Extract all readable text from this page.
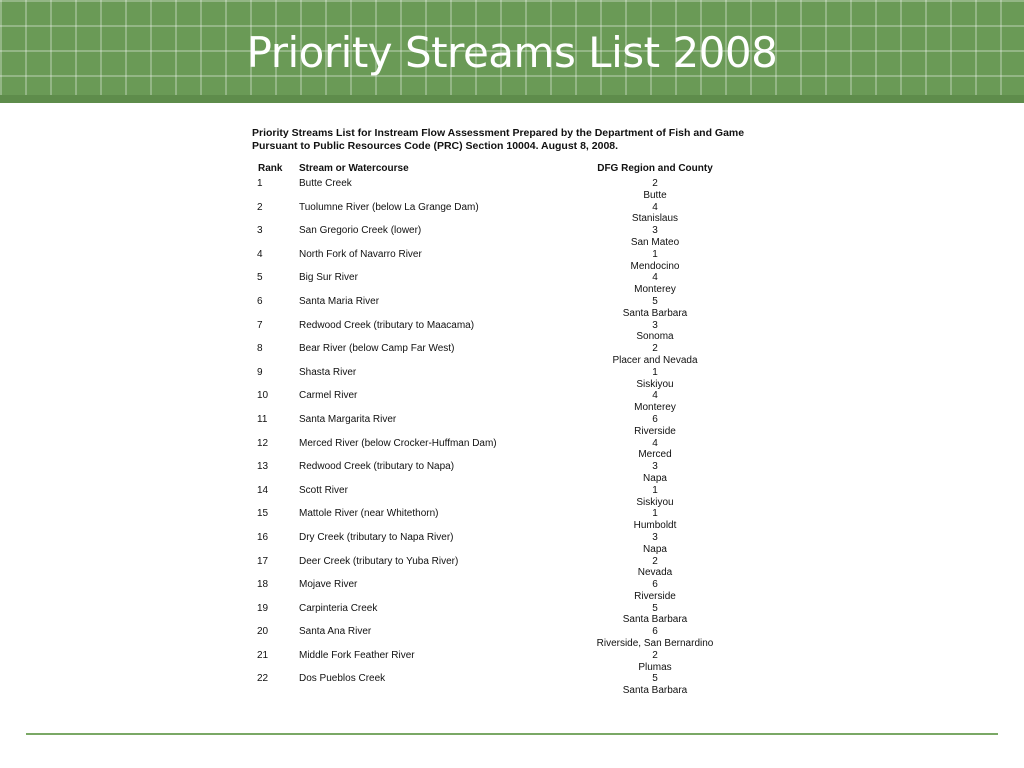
Priority Streams List 2008
Priority Streams List for Instream Flow Assessment Prepared by the Department of Fish and Game
Pursuant to Public Resources Code (PRC) Section 10004. August 8, 2008.
Rank Stream or Watercourse	DFG Region and County
1	Butte Creek	2
Butte
2	Tuolumne River (below La Grange Dam)	4
Stanislaus
3	San Gregorio Creek (lower)	3
San Mateo
4	North Fork of Navarro River	1
Mendocino
5	Big Sur River	4
Monterey
6	Santa Maria River	5
Santa Barbara
7	Redwood Creek (tributary to Maacama)	3
Sonoma
8	Bear River (below Camp Far West)	2
Placer and Nevada
9	Shasta River	1
Siskiyou
10	Carmel River	4
Monterey
11	Santa Margarita River	6
Riverside
12	Merced River (below Crocker-Huffman Dam)	4
Merced
13	Redwood Creek (tributary to Napa)	3
Napa
14	Scott River	1
Siskiyou
15	Mattole River (near Whitethorn)	1
Humboldt
16	Dry Creek (tributary to Napa River)	3
Napa
17	Deer Creek (tributary to Yuba River)	2
Nevada
18	Mojave River	6
Riverside
19	Carpinteria Creek	5
Santa Barbara
20	Santa Ana River	6
Riverside, San Bernardino
21	Middle Fork Feather River	2
Plumas
22	Dos Pueblos Creek	5
Santa Barbara
